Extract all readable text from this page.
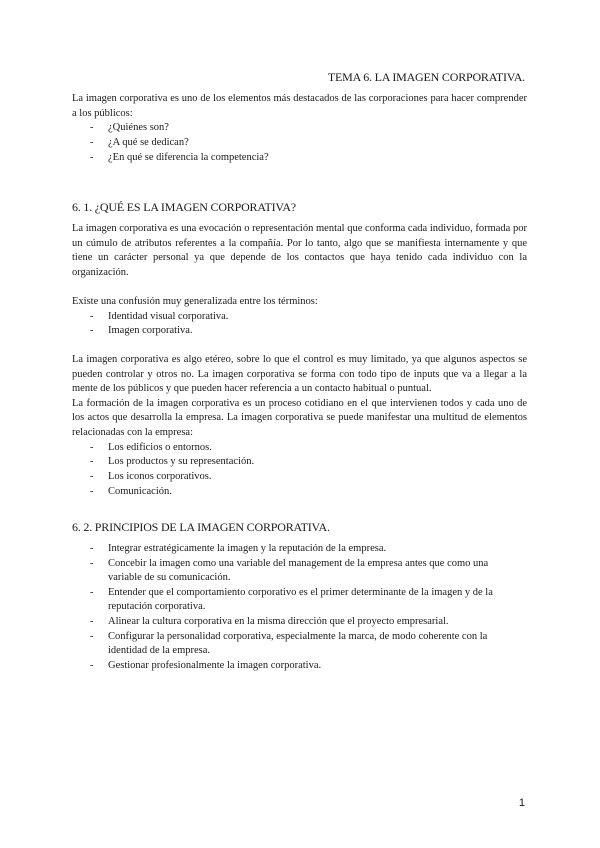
TEMA 6. LA IMAGEN CORPORATIVA.

La imagen corporativa es uno de los elementos más destacados de las corporaciones para hacer comprender a los públicos:

- ¿Quiénes son?
- ¿A qué se dedican?
- ¿En qué se diferencia la competencia?
6. 1. ¿QUÉ ES LA IMAGEN CORPORATIVA?

La imagen corporativa es una evocación o representación mental que conforma cada individuo, formada por un cúmulo de atributos referentes a la compañía. Por lo tanto, algo que se manifiesta internamente y que tiene un carácter personal ya que depende de los contactos que haya tenido cada individuo con la organización.

Existe una confusión muy generalizada entre los términos:

- Identidad visual corporativa.
- Imagen corporativa.

La imagen corporativa es algo etéreo, sobre lo que el control es muy limitado, ya que algunos aspectos se pueden controlar y otros no. La imagen corporativa se forma con todo tipo de inputs que va a llegar a la mente de los públicos y que pueden hacer referencia a un contacto habitual o puntual.

La formación de la imagen corporativa es un proceso cotidiano en el que intervienen todos y cada uno de los actos que desarrolla la empresa. La imagen corporativa se puede manifestar una multitud de elementos relacionadas con la empresa:

- Los edificios o entornos.
- Los productos y su representación.
- Los iconos corporativos.
- Comunicación.
6. 2. PRINCIPIOS DE LA IMAGEN CORPORATIVA.
- Integrar estratégicamente la imagen y la reputación de la empresa.
- Concebir la imagen como una variable del management de la empresa antes que como una variable de su comunicación.
- Entender que el comportamiento corporativo es el primer determinante de la imagen y de la reputación corporativa.
- Alinear la cultura corporativa en la misma dirección que el proyecto empresarial.
- Configurar la personalidad corporativa, especialmente la marca, de modo coherente con la identidad de la empresa.
- Gestionar profesionalmente la imagen corporativa.
1
